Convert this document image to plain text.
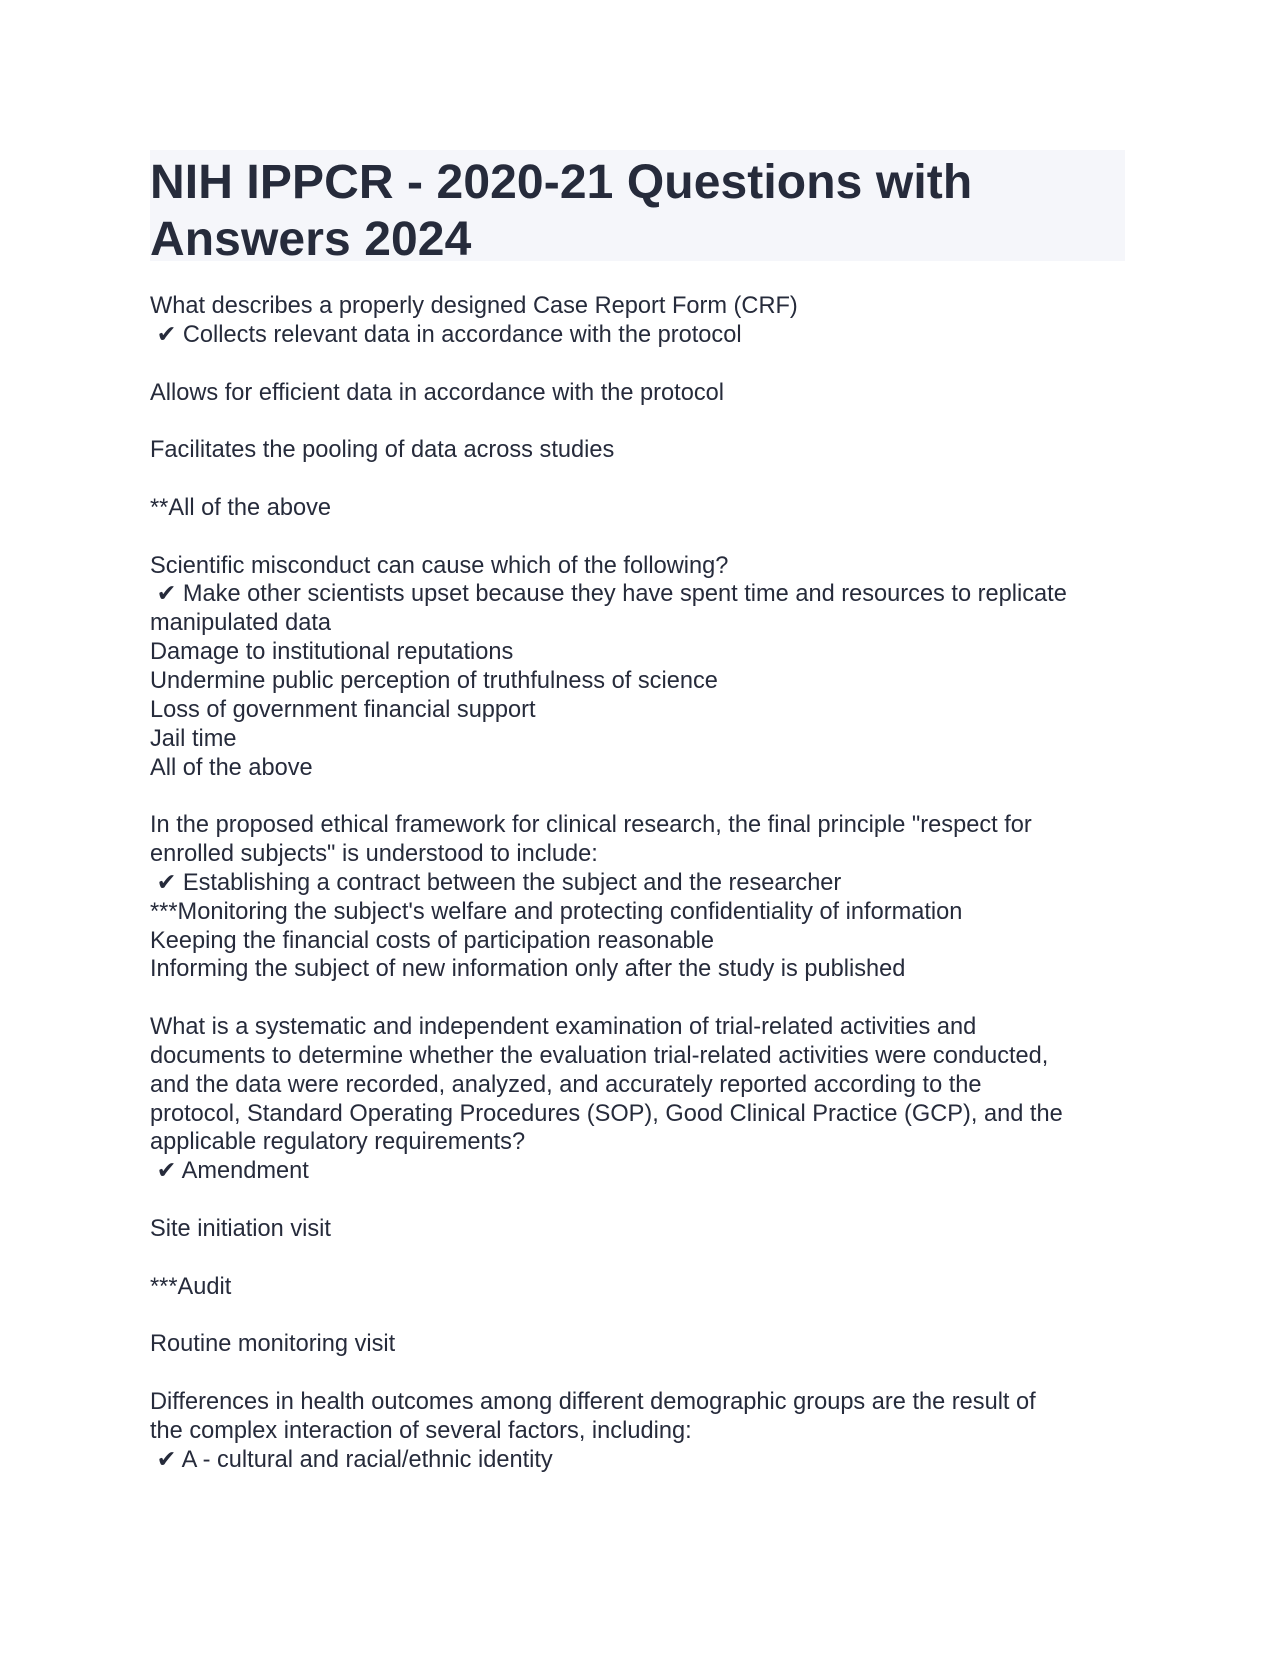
NIH IPPCR - 2020-21 Questions with Answers 2024
What describes a properly designed Case Report Form (CRF)
✔ Collects relevant data in accordance with the protocol
Allows for efficient data in accordance with the protocol
Facilitates the pooling of data across studies
**All of the above
Scientific misconduct can cause which of the following?
✔ Make other scientists upset because they have spent time and resources to replicate
manipulated data
Damage to institutional reputations
Undermine public perception of truthfulness of science
Loss of government financial support
Jail time
All of the above
In the proposed ethical framework for clinical research, the final principle "respect for
enrolled subjects" is understood to include:
✔ Establishing a contract between the subject and the researcher
***Monitoring the subject's welfare and protecting confidentiality of information
Keeping the financial costs of participation reasonable
Informing the subject of new information only after the study is published
What is a systematic and independent examination of trial-related activities and
documents to determine whether the evaluation trial-related activities were conducted,
and the data were recorded, analyzed, and accurately reported according to the
protocol, Standard Operating Procedures (SOP), Good Clinical Practice (GCP), and the
applicable regulatory requirements?
✔ Amendment
Site initiation visit
***Audit
Routine monitoring visit
Differences in health outcomes among different demographic groups are the result of
the complex interaction of several factors, including:
✔ A - cultural and racial/ethnic identity
